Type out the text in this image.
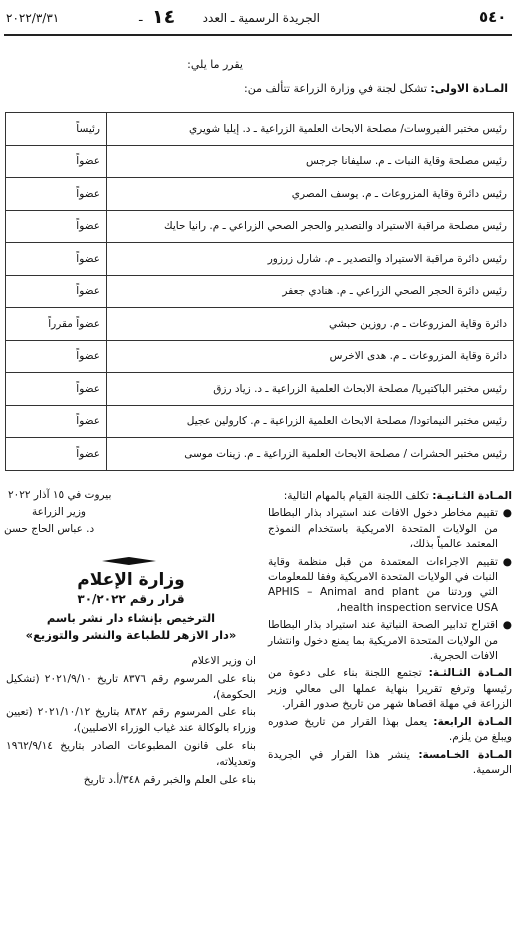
٥٤٠
الجريدة الرسمية ـ العدد
١٤
ـ
٢٠٢٢/٣/٣١

يقرر ما يلي:

المـادة الاولى: تشكل لجنة في وزارة الزراعة تتألف من:

رئيساً	رئيس مختبر الفيروسات/ مصلحة الابحاث العلمية الزراعية ـ د. إيليا شويري
عضواً	رئيس مصلحة وقاية النبات ـ م. سليفانا جرجس
عضواً	رئيس دائرة وقاية المزروعات ـ م. يوسف المصري
عضواً	رئيس مصلحة مراقبة الاستيراد والتصدير والحجر الصحي الزراعي ـ م. رانيا حايك
عضواً	رئيس دائرة مراقبة الاستيراد والتصدير ـ م. شارل زرزور
عضواً	رئيس دائرة الحجر الصحي الزراعي ـ م. هنادي جعفر
عضواً مقرراً	دائرة وقاية المزروعات ـ م. روزين حبشي
عضواً	دائرة وقاية المزروعات ـ م. هدى الاخرس
عضواً	رئيس مختبر الباكتيريا/ مصلحة الابحاث العلمية الزراعية ـ د. زياد رزق
عضواً	رئيس مختبر النيماتودا/ مصلحة الابحاث العلمية الزراعية ـ م. كارولين عجيل
عضواً	رئيس مختبر الحشرات / مصلحة الابحاث العلمية الزراعية ـ م. زينات موسى

المـادة الثـانيـة: تكلف اللجنة القيام بالمهام التالية:

●
تقييم مخاطر دخول الافات عند استيراد بذار البطاطا من الولايات المتحدة الامريكية باستخدام النموذج المعتمد عالمياً بذلك،

●
تقييم الاجراءات المعتمدة من قبل منظمة وقاية النبات في الولايات المتحدة الامريكية وفقا للمعلومات التي وردتنا من APHIS – Animal and plant health inspection service USA،

●
اقتراح تدابير الصحة النباتية عند استيراد بذار البطاطا من الولايات المتحدة الامريكية بما يمنع دخول وانتشار الافات الحجرية.

المـادة الثـالثـة: تجتمع اللجنة بناء على دعوة من رئيسها وترفع تقريرا بنهاية عملها الى معالي وزير الزراعة في مهلة اقصاها شهر من تاريخ صدور القرار.

المـادة الرابعة: يعمل بهذا القرار من تاريخ صدوره ويبلغ من يلزم.

المـادة الخـامسة: ينشر هذا القرار في الجريدة الرسمية.

بيروت في ١٥ آذار ٢٠٢٢

وزير الزراعة

د. عباس الحاج حسن

وزارة الإعلام
قرار رقم ٣٠/٢٠٢٢
الترخيص بإنشاء دار نشر باسم
«دار الازهر للطباعة والنشر والتوزيع»

ان وزير الاعلام

بناء على المرسوم رقم ٨٣٧٦ تاريخ ٢٠٢١/٩/١٠ (تشكيل الحكومة)،

بناء على المرسوم رقم ٨٣٨٢ بتاريخ ٢٠٢١/١٠/١٢ (تعيين وزراء بالوكالة عند غياب الوزراء الاصليين)،

بناء على قانون المطبوعات الصادر بتاريخ ١٩٦٢/٩/١٤ وتعديلاته،

بناء على العلم والخبر رقم ٣٤٨/أ.د تاريخ
